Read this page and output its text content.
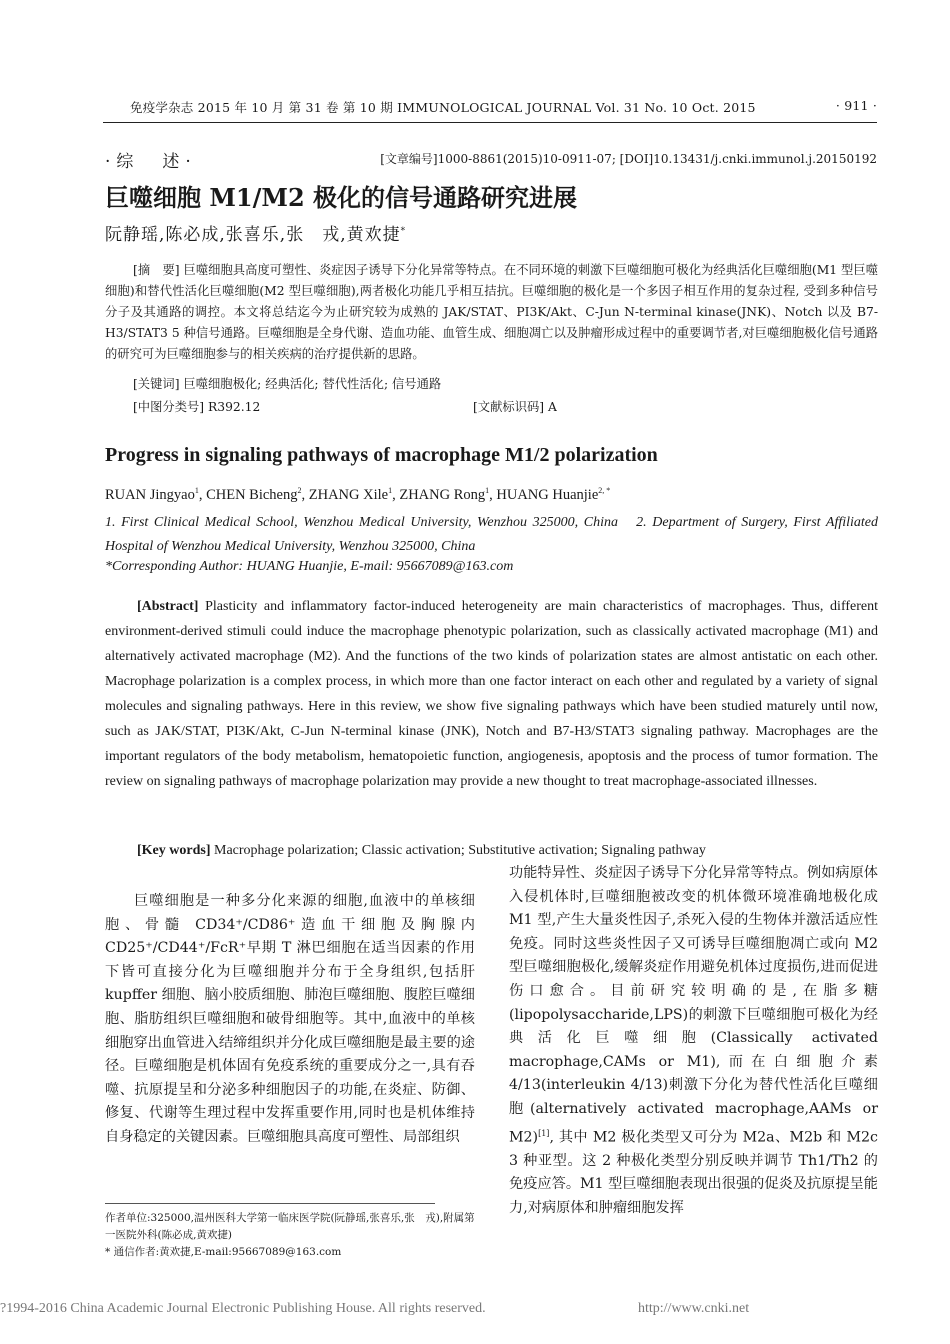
免疫学杂志 2015 年 10 月 第 31 卷 第 10 期 IMMUNOLOGICAL JOURNAL Vol. 31 No. 10 Oct. 2015	· 911 ·
·综　述·	[文章编号]1000-8861(2015)10-0911-07; [DOI]10.13431/j.cnki.immunol.j.20150192
巨噬细胞 M1/M2 极化的信号通路研究进展
阮静瑶,陈必成,张喜乐,张　戎,黄欢捷*

[摘　要] 巨噬细胞具高度可塑性、炎症因子诱导下分化异常等特点。在不同环境的刺激下巨噬细胞可极化为经典活化巨噬细胞(M1 型巨噬细胞)和替代性活化巨噬细胞(M2 型巨噬细胞),两者极化功能几乎相互拮抗。巨噬细胞的极化是一个多因子相互作用的复杂过程, 受到多种信号分子及其通路的调控。本文将总结迄今为止研究较为成熟的 JAK/STAT、PI3K/Akt、C-Jun N-terminal kinase(JNK)、Notch 以及 B7-H3/STAT3 5 种信号通路。巨噬细胞是全身代谢、造血功能、血管生成、细胞凋亡以及肿瘤形成过程中的重要调节者,对巨噬细胞极化信号通路的研究可为巨噬细胞参与的相关疾病的治疗提供新的思路。

[关键词] 巨噬细胞极化; 经典活化; 替代性活化; 信号通路
[中图分类号] R392.12	[文献标识码] A
Progress in signaling pathways of macrophage M1/2 polarization
RUAN Jingyao$^1$, CHEN Bicheng$^2$, ZHANG Xile$^1$, ZHANG Rong$^1$, HUANG Huanjie$^{2, *}$
1. First Clinical Medical School, Wenzhou Medical University, Wenzhou 325000, China　2. Department of Surgery, First Affiliated Hospital of Wenzhou Medical University, Wenzhou 325000, China
*Corresponding Author: HUANG Huanjie, E-mail: 95667089@163.com

[Abstract] Plasticity and inflammatory factor-induced heterogeneity are main characteristics of macrophages. Thus, different environment-derived stimuli could induce the macrophage phenotypic polarization, such as classically activated macrophage (M1) and alternatively activated macrophage (M2). And the functions of the two kinds of polarization states are almost antistatic on each other. Macrophage polarization is a complex process, in which more than one factor interact on each other and regulated by a variety of signal molecules and signaling pathways. Here in this review, we show five signaling pathways which have been studied maturely until now, such as JAK/STAT, PI3K/Akt, C-Jun N-terminal kinase (JNK), Notch and B7-H3/STAT3 signaling pathway. Macrophages are the important regulators of the body metabolism, hematopoietic function, angiogenesis, apoptosis and the process of tumor formation. The review on signaling pathways of macrophage polarization may provide a new thought to treat macrophage-associated illnesses.

[Key words] Macrophage polarization; Classic activation; Substitutive activation; Signaling pathway

巨噬细胞是一种多分化来源的细胞,血液中的单核细胞、骨髓 CD34⁺/CD86⁺造血干细胞及胸腺内 CD25⁺/CD44⁺/FcR⁺早期 T 淋巴细胞在适当因素的作用下皆可直接分化为巨噬细胞并分布于全身组织,包括肝 kupffer 细胞、脑小胶质细胞、肺泡巨噬细胞、腹腔巨噬细胞、脂肪组织巨噬细胞和破骨细胞等。其中,血液中的单核细胞穿出血管进入结缔组织并分化成巨噬细胞是最主要的途径。巨噬细胞是机体固有免疫系统的重要成分之一,具有吞噬、抗原提呈和分泌多种细胞因子的功能,在炎症、防御、修复、代谢等生理过程中发挥重要作用,同时也是机体维持自身稳定的关键因素。巨噬细胞具高度可塑性、局部组织

功能特异性、炎症因子诱导下分化异常等特点。例如病原体入侵机体时,巨噬细胞被改变的机体微环境准确地极化成 M1 型,产生大量炎性因子,杀死入侵的生物体并激活适应性免疫。同时这些炎性因子又可诱导巨噬细胞凋亡或向 M2 型巨噬细胞极化,缓解炎症作用避免机体过度损伤,进而促进伤口愈合。目前研究较明确的是,在脂多糖(lipopolysaccharide,LPS)的刺激下巨噬细胞可极化为经典活化巨噬细胞(Classically activated macrophage,CAMs or M1),而在白细胞介素 4/13(interleukin 4/13)刺激下分化为替代性活化巨噬细胞(alternatively activated macrophage,AAMs or M2)[1], 其中 M2 极化类型又可分为 M2a、M2b 和 M2c 3 种亚型。这 2 种极化类型分别反映并调节 Th1/Th2 的免疫应答。M1 型巨噬细胞表现出很强的促炎及抗原提呈能力,对病原体和肿瘤细胞发挥

作者单位:325000,温州医科大学第一临床医学院(阮静瑶,张喜乐,张　戎),附属第一医院外科(陈必成,黄欢捷)

* 通信作者:黄欢捷,E-mail:95667089@163.com

?1994-2016 China Academic Journal Electronic Publishing House. All rights reserved.	http://www.cnki.net
